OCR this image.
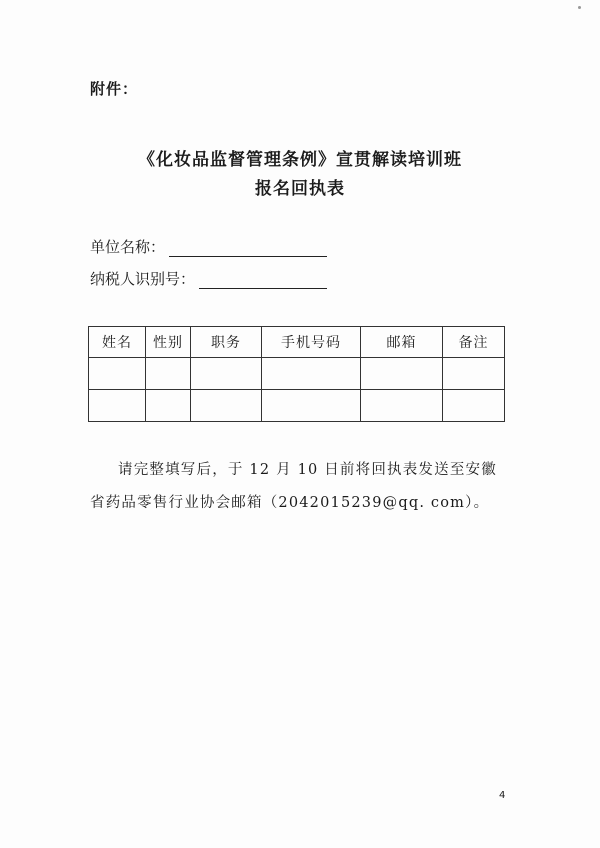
附件：
《化妆品监督管理条例》宣贯解读培训班
报名回执表
单位名称：
纳税人识别号：
姓名	性别	职务	手机号码	邮箱	备注

请完整填写后，于 12 月 10 日前将回执表发送至安徽
省药品零售行业协会邮箱（2042015239@qq. com）。
4
